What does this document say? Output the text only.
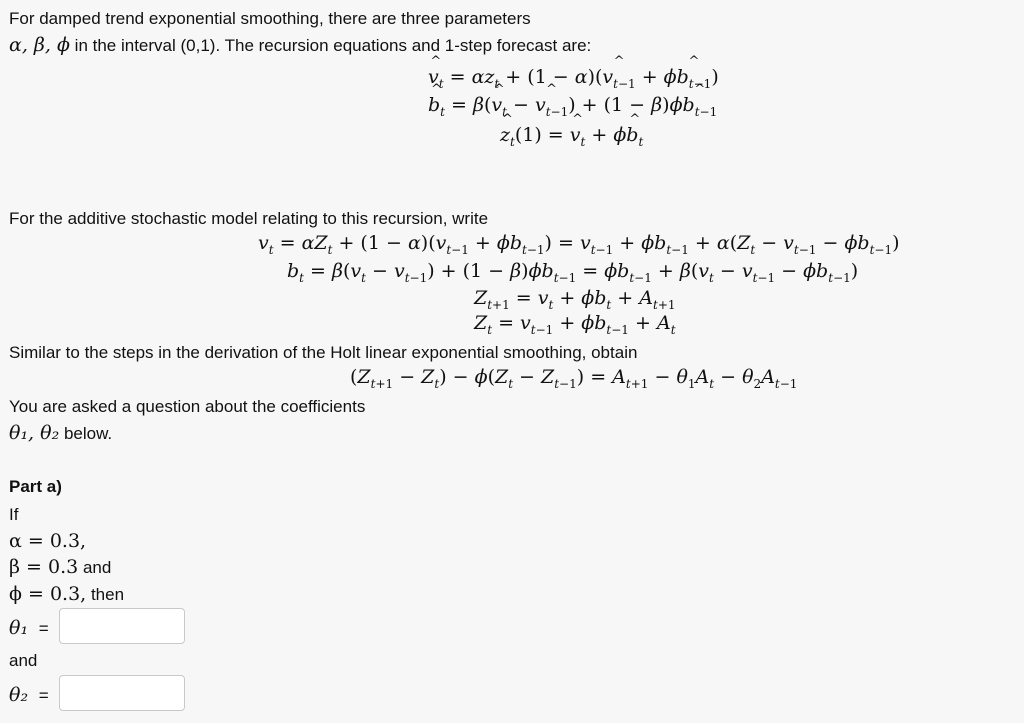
For damped trend exponential smoothing, there are three parameters
α, β, ϕ in the interval (0,1). The recursion equations and 1-step forecast are:
$v_t$ ^ = $\alpha z_t + (1 - \alpha)(v_{t-1}$ ^ + $\phi b_{t-1}$ ^)
$b_t$ ^ = $\beta(v_t$ ^ − $v_{t-1}$ ^) + $(1 - \beta)\phi b_{t-1}$ ^
$z_t$ ^(1) = $v_t$ ^ + $\phi b_t$ ^
For the additive stochastic model relating to this recursion, write
$v_t = \alpha Z_t + (1 - \alpha)(v_{t-1} + \phi b_{t-1}) = v_{t-1} + \phi b_{t-1} + \alpha(Z_t - v_{t-1} - \phi b_{t-1})$
$b_t = \beta(v_t - v_{t-1}) + (1 - \beta)\phi b_{t-1} = \phi b_{t-1} + \beta(v_t - v_{t-1} - \phi b_{t-1})$
$Z_{t+1} = v_t + \phi b_t + A_{t+1}$
$Z_t = v_{t-1} + \phi b_{t-1} + A_t$
Similar to the steps in the derivation of the Holt linear exponential smoothing, obtain
$(Z_{t+1} - Z_t) - \phi(Z_t - Z_{t-1}) = A_{t+1} - \theta_1A_t - \theta_2A_{t-1}$
You are asked a question about the coefficients
θ₁, θ₂ below.
Part a)
If
α = 0.3,
β = 0.3 and
ϕ = 0.3, then
θ₁ =
and
θ₂ =
